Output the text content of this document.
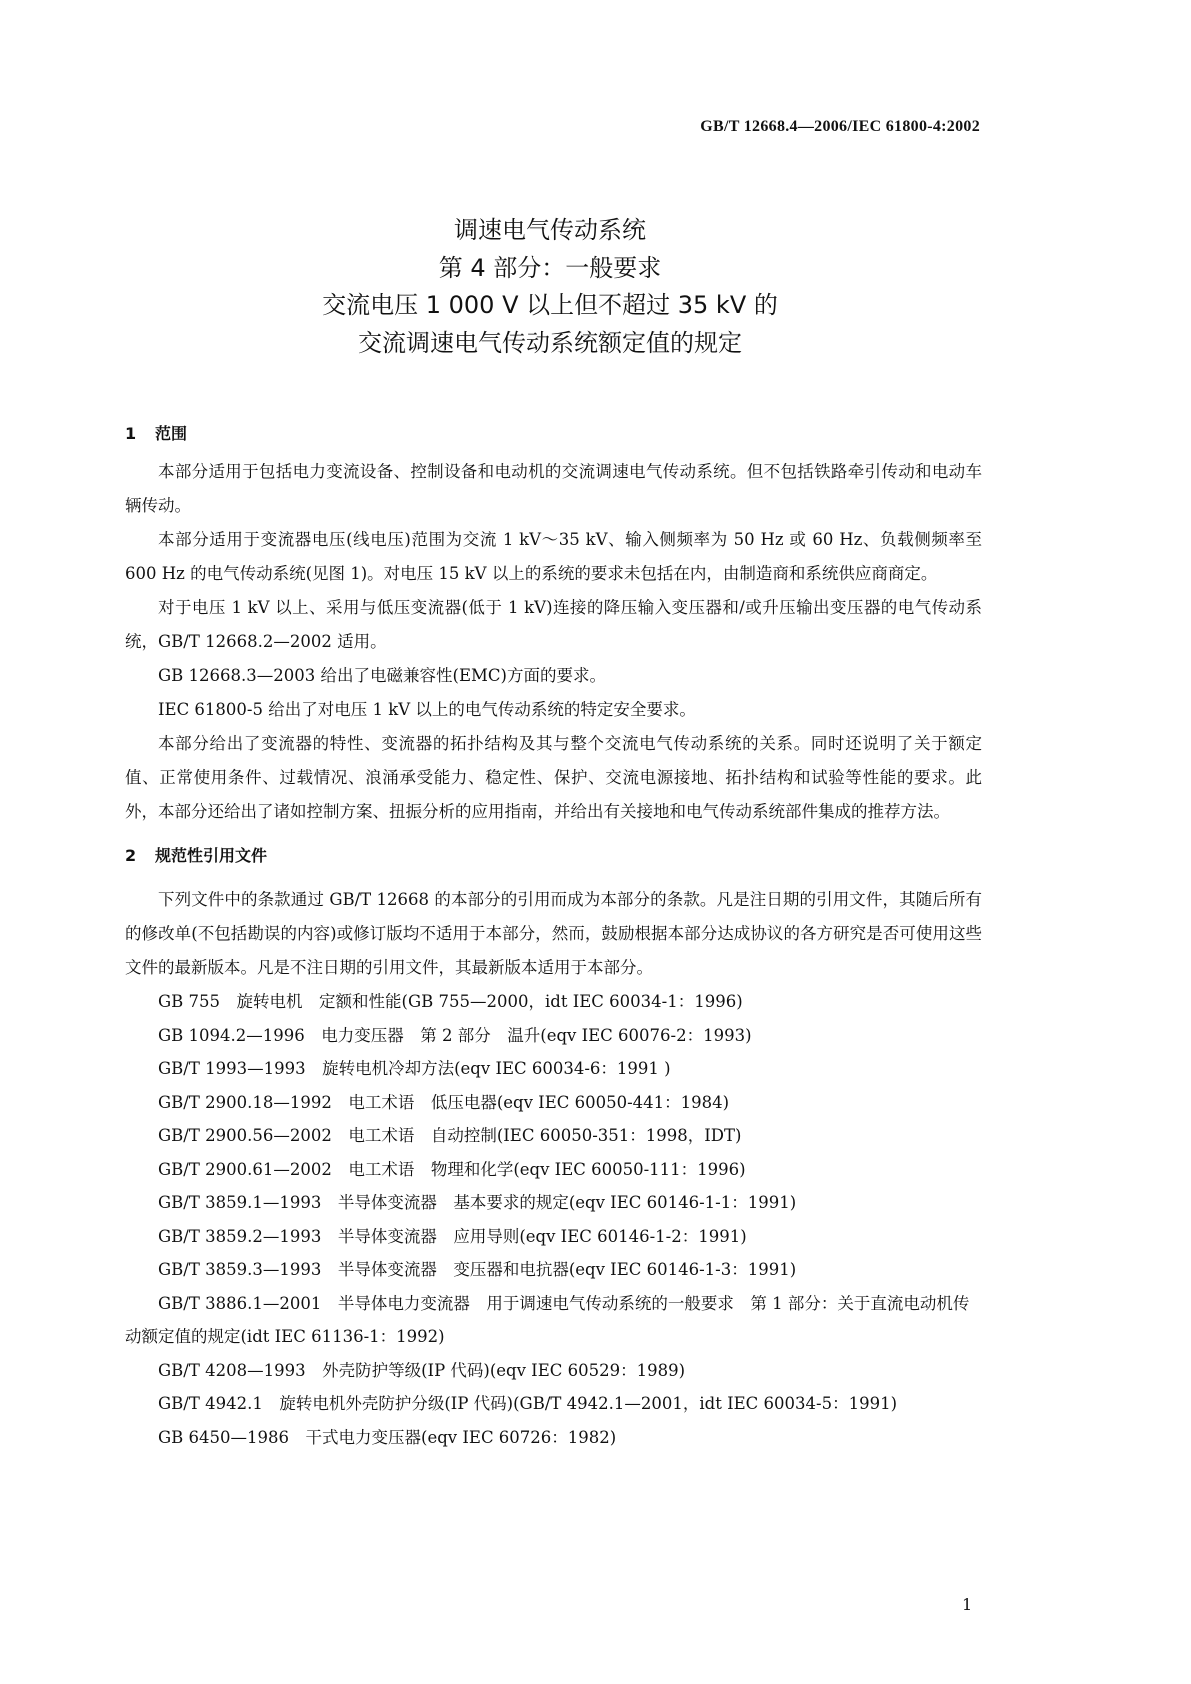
GB/T 12668.4—2006/IEC 61800-4:2002
调速电气传动系统
第 4 部分：一般要求
交流电压 1 000 V 以上但不超过 35 kV 的
交流调速电气传动系统额定值的规定
1 范围

本部分适用于包括电力变流设备、控制设备和电动机的交流调速电气传动系统。但不包括铁路牵引传动和电动车辆传动。

本部分适用于变流器电压(线电压)范围为交流 1 kV～35 kV、输入侧频率为 50 Hz 或 60 Hz、负载侧频率至 600 Hz 的电气传动系统(见图 1)。对电压 15 kV 以上的系统的要求未包括在内，由制造商和系统供应商商定。

对于电压 1 kV 以上、采用与低压变流器(低于 1 kV)连接的降压输入变压器和/或升压输出变压器的电气传动系统，GB/T 12668.2—2002 适用。

GB 12668.3—2003 给出了电磁兼容性(EMC)方面的要求。

IEC 61800-5 给出了对电压 1 kV 以上的电气传动系统的特定安全要求。

本部分给出了变流器的特性、变流器的拓扑结构及其与整个交流电气传动系统的关系。同时还说明了关于额定值、正常使用条件、过载情况、浪涌承受能力、稳定性、保护、交流电源接地、拓扑结构和试验等性能的要求。此外，本部分还给出了诸如控制方案、扭振分析的应用指南，并给出有关接地和电气传动系统部件集成的推荐方法。

2 规范性引用文件

下列文件中的条款通过 GB/T 12668 的本部分的引用而成为本部分的条款。凡是注日期的引用文件，其随后所有的修改单(不包括勘误的内容)或修订版均不适用于本部分，然而，鼓励根据本部分达成协议的各方研究是否可使用这些文件的最新版本。凡是不注日期的引用文件，其最新版本适用于本部分。

GB 755 旋转电机　定额和性能(GB 755—2000，idt IEC 60034-1：1996)
GB 1094.2—1996 电力变压器　第 2 部分　温升(eqv IEC 60076-2：1993)
GB/T 1993—1993 旋转电机冷却方法(eqv IEC 60034-6：1991 )
GB/T 2900.18—1992 电工术语　低压电器(eqv IEC 60050-441：1984)
GB/T 2900.56—2002 电工术语　自动控制(IEC 60050-351：1998，IDT)
GB/T 2900.61—2002 电工术语　物理和化学(eqv IEC 60050-111：1996)
GB/T 3859.1—1993 半导体变流器　基本要求的规定(eqv IEC 60146-1-1：1991)
GB/T 3859.2—1993 半导体变流器　应用导则(eqv IEC 60146-1-2：1991)
GB/T 3859.3—1993 半导体变流器　变压器和电抗器(eqv IEC 60146-1-3：1991)
GB/T 3886.1—2001 半导体电力变流器　用于调速电气传动系统的一般要求　第 1 部分：关于直流电动机传动额定值的规定(idt IEC 61136-1：1992)
GB/T 4208—1993 外壳防护等级(IP 代码)(eqv IEC 60529：1989)
GB/T 4942.1 旋转电机外壳防护分级(IP 代码)(GB/T 4942.1—2001，idt IEC 60034-5：1991)
GB 6450—1986 干式电力变压器(eqv IEC 60726：1982)
1
